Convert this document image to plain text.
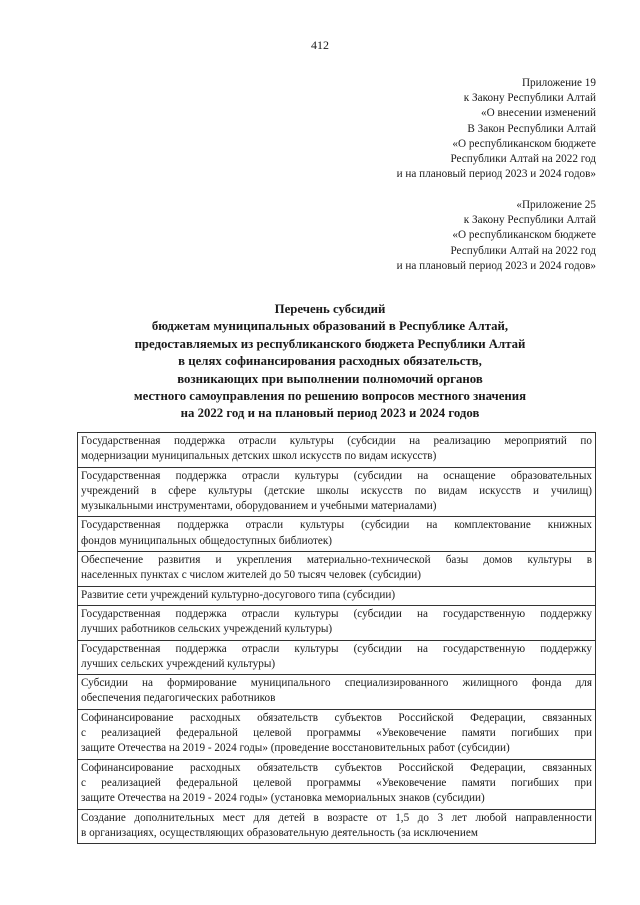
412
Приложение 19
к Закону Республики Алтай
«О внесении изменений
В Закон Республики Алтай
«О республиканском бюджете
Республики Алтай на 2022 год
и на плановый период 2023 и 2024 годов»
«Приложение 25
к Закону Республики Алтай
«О республиканском бюджете
Республики Алтай на 2022 год
и на плановый период 2023 и 2024 годов»
Перечень субсидий
бюджетам муниципальных образований в Республике Алтай,
предоставляемых из республиканского бюджета Республики Алтай
в целях софинансирования расходных обязательств,
возникающих при выполнении полномочий органов
местного самоуправления по решению вопросов местного значения
на 2022 год и на плановый период 2023 и 2024 годов
Государственная поддержка отрасли культуры (субсидии на реализацию мероприятий по
модернизации муниципальных детских школ искусств по видам искусств)

Государственная поддержка отрасли культуры (субсидии на оснащение образовательных
учреждений в сфере культуры (детские школы искусств по видам искусств и училищ)
музыкальными инструментами, оборудованием и учебными материалами)

Государственная поддержка отрасли культуры (субсидии на комплектование книжных
фондов муниципальных общедоступных библиотек)

Обеспечение развития и укрепления материально-технической базы домов культуры в
населенных пунктах с числом жителей до 50 тысяч человек (субсидии)

Развитие сети учреждений культурно-досугового типа (субсидии)

Государственная поддержка отрасли культуры (субсидии на государственную поддержку
лучших работников сельских учреждений культуры)

Государственная поддержка отрасли культуры (субсидии на государственную поддержку
лучших сельских учреждений культуры)

Субсидии на формирование муниципального специализированного жилищного фонда для
обеспечения педагогических работников

Софинансирование расходных обязательств субъектов Российской Федерации, связанных
с реализацией федеральной целевой программы «Увековечение памяти погибших при
защите Отечества на 2019 - 2024 годы» (проведение восстановительных работ (субсидии)

Софинансирование расходных обязательств субъектов Российской Федерации, связанных
с реализацией федеральной целевой программы «Увековечение памяти погибших при
защите Отечества на 2019 - 2024 годы» (установка мемориальных знаков (субсидии)

Создание дополнительных мест для детей в возрасте от 1,5 до 3 лет любой направленности
в организациях, осуществляющих образовательную деятельность (за исключением
